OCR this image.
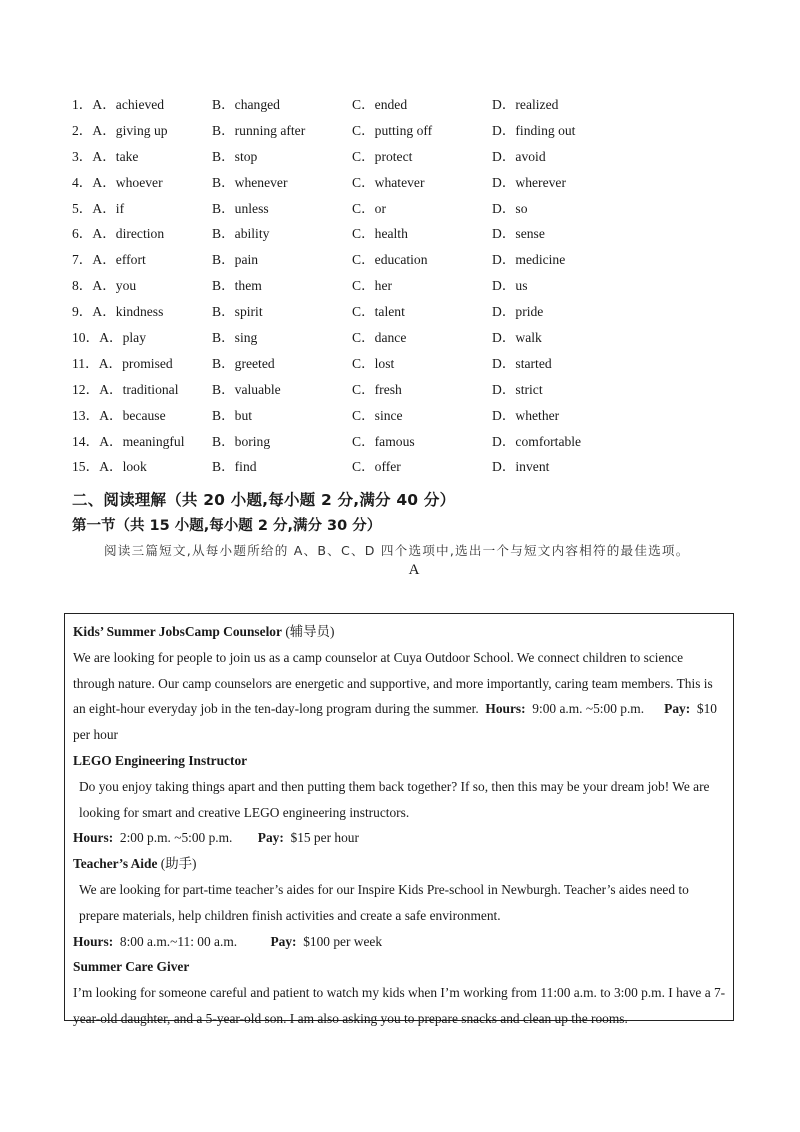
1．A．achieved	B．changed	C．ended	D．realized
2．A．giving up	B．running after	C．putting off	D．finding out
3．A．take	B．stop	C．protect	D．avoid
4．A．whoever	B．whenever	C．whatever	D．wherever
5．A．if	B．unless	C．or	D．so
6．A．direction	B．ability	C．health	D．sense
7．A．effort	B．pain	C．education	D．medicine
8．A．you	B．them	C．her	D．us
9．A．kindness	B．spirit	C．talent	D．pride
10．A．play	B．sing	C．dance	D．walk
11．A．promised	B．greeted	C．lost	D．started
12．A．traditional	B．valuable	C．fresh	D．strict
13．A．because	B．but	C．since	D．whether
14．A．meaningful	B．boring	C．famous	D．comfortable
15．A．look	B．find	C．offer	D．invent
二、阅读理解（共 20 小题,每小题 2 分,满分 40 分）
第一节（共 15 小题,每小题 2 分,满分 30 分）
阅读三篇短文,从每小题所给的 A、B、C、D 四个选项中,选出一个与短文内容相符的最佳选项。
A
Kids’ Summer JobsCamp Counselor (辅导员)
We are looking for people to join us as a camp counselor at Cuya Outdoor School. We connect children to science through nature. Our camp counselors are energetic and supportive, and more importantly, caring team members. This is an eight-hour everyday job in the ten-day-long program during the summer. Hours: 9:00 a.m. ~5:00 p.m. Pay: $10 per hour
LEGO Engineering Instructor
Do you enjoy taking things apart and then putting them back together? If so, then this may be your dream job! We are looking for smart and creative LEGO engineering instructors.
Hours: 2:00 p.m. ~5:00 p.m. Pay: $15 per hour
Teacher’s Aide (助手)
We are looking for part-time teacher’s aides for our Inspire Kids Pre-school in Newburgh. Teacher’s aides need to prepare materials, help children finish activities and create a safe environment.
Hours: 8:00 a.m.~11: 00 a.m. Pay: $100 per week
Summer Care Giver
I’m looking for someone careful and patient to watch my kids when I’m working from 11:00 a.m. to 3:00 p.m. I have a 7-year-old daughter, and a 5-year-old son. I am also asking you to prepare snacks and clean up the rooms.
